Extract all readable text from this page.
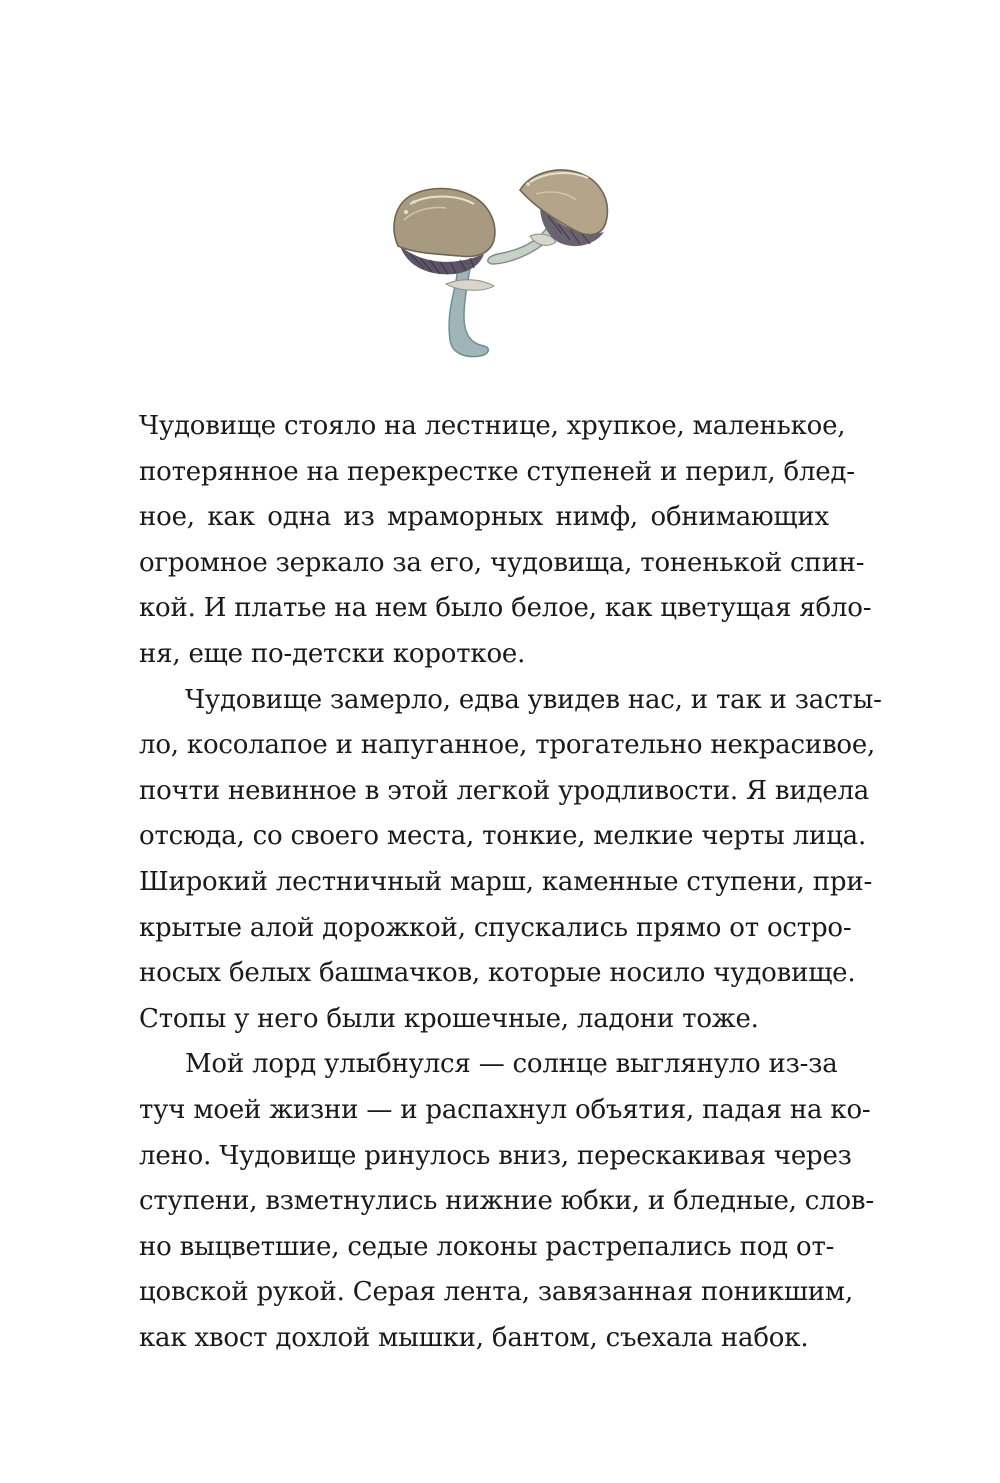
Чудовище стояло на лестнице, хрупкое, маленькое,
потерянное на перекрестке ступеней и перил, блед-
ное, как одна из мраморных нимф, обнимающих
огромное зеркало за его, чудовища, тоненькой спин-
кой. И платье на нем было белое, как цветущая ябло-
ня, еще по-детски короткое.
Чудовище замерло, едва увидев нас, и так и засты-
ло, косолапое и напуганное, трогательно некрасивое,
почти невинное в этой легкой уродливости. Я видела
отсюда, со своего места, тонкие, мелкие черты лица.
Широкий лестничный марш, каменные ступени, при-
крытые алой дорожкой, спускались прямо от остро-
носых белых башмачков, которые носило чудовище.
Стопы у него были крошечные, ладони тоже.
Мой лорд улыбнулся — солнце выглянуло из-за
туч моей жизни — и распахнул объятия, падая на ко-
лено. Чудовище ринулось вниз, перескакивая через
ступени, взметнулись нижние юбки, и бледные, слов-
но выцветшие, седые локоны растрепались под от-
цовской рукой. Серая лента, завязанная поникшим,
как хвост дохлой мышки, бантом, съехала набок.
